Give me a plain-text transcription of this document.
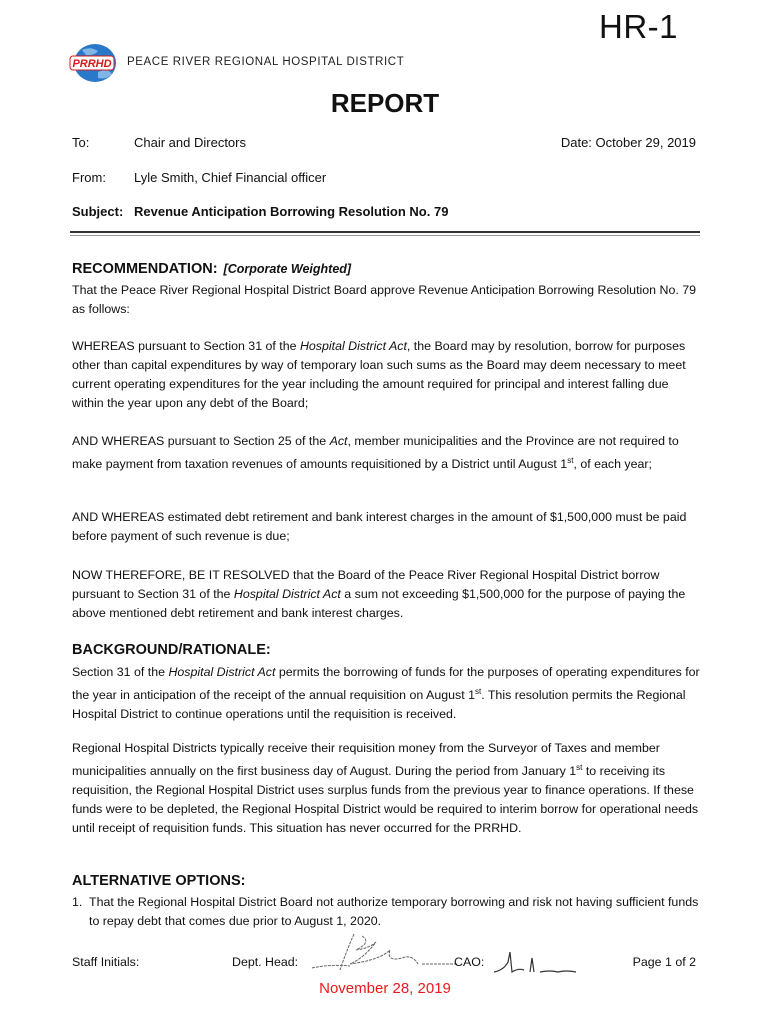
HR-1
PRRHD PEACE RIVER REGIONAL HOSPITAL DISTRICT
REPORT
To:	Chair and Directors	Date: October 29, 2019
From: Lyle Smith, Chief Financial officer
Subject: Revenue Anticipation Borrowing Resolution No. 79
RECOMMENDATION: [Corporate Weighted]

That the Peace River Regional Hospital District Board approve Revenue Anticipation Borrowing Resolution No. 79 as follows:

WHEREAS pursuant to Section 31 of the Hospital District Act, the Board may by resolution, borrow for purposes other than capital expenditures by way of temporary loan such sums as the Board may deem necessary to meet current operating expenditures for the year including the amount required for principal and interest falling due within the year upon any debt of the Board;

AND WHEREAS pursuant to Section 25 of the Act, member municipalities and the Province are not required to make payment from taxation revenues of amounts requisitioned by a District until August 1st, of each year;

AND WHEREAS estimated debt retirement and bank interest charges in the amount of $1,500,000 must be paid before payment of such revenue is due;

NOW THEREFORE, BE IT RESOLVED that the Board of the Peace River Regional Hospital District borrow pursuant to Section 31 of the Hospital District Act a sum not exceeding $1,500,000 for the purpose of paying the above mentioned debt retirement and bank interest charges.

BACKGROUND/RATIONALE:

Section 31 of the Hospital District Act permits the borrowing of funds for the purposes of operating expenditures for the year in anticipation of the receipt of the annual requisition on August 1st. This resolution permits the Regional Hospital District to continue operations until the requisition is received.

Regional Hospital Districts typically receive their requisition money from the Surveyor of Taxes and member municipalities annually on the first business day of August. During the period from January 1st to receiving its requisition, the Regional Hospital District uses surplus funds from the previous year to finance operations. If these funds were to be depleted, the Regional Hospital District would be required to interim borrow for operational needs until receipt of requisition funds. This situation has never occurred for the PRRHD.

ALTERNATIVE OPTIONS:
1. That the Regional Hospital District Board not authorize temporary borrowing and risk not having sufficient funds to repay debt that comes due prior to August 1, 2020.
Staff Initials:	Dept. Head:	CAO:	Page 1 of 2
November 28, 2019
